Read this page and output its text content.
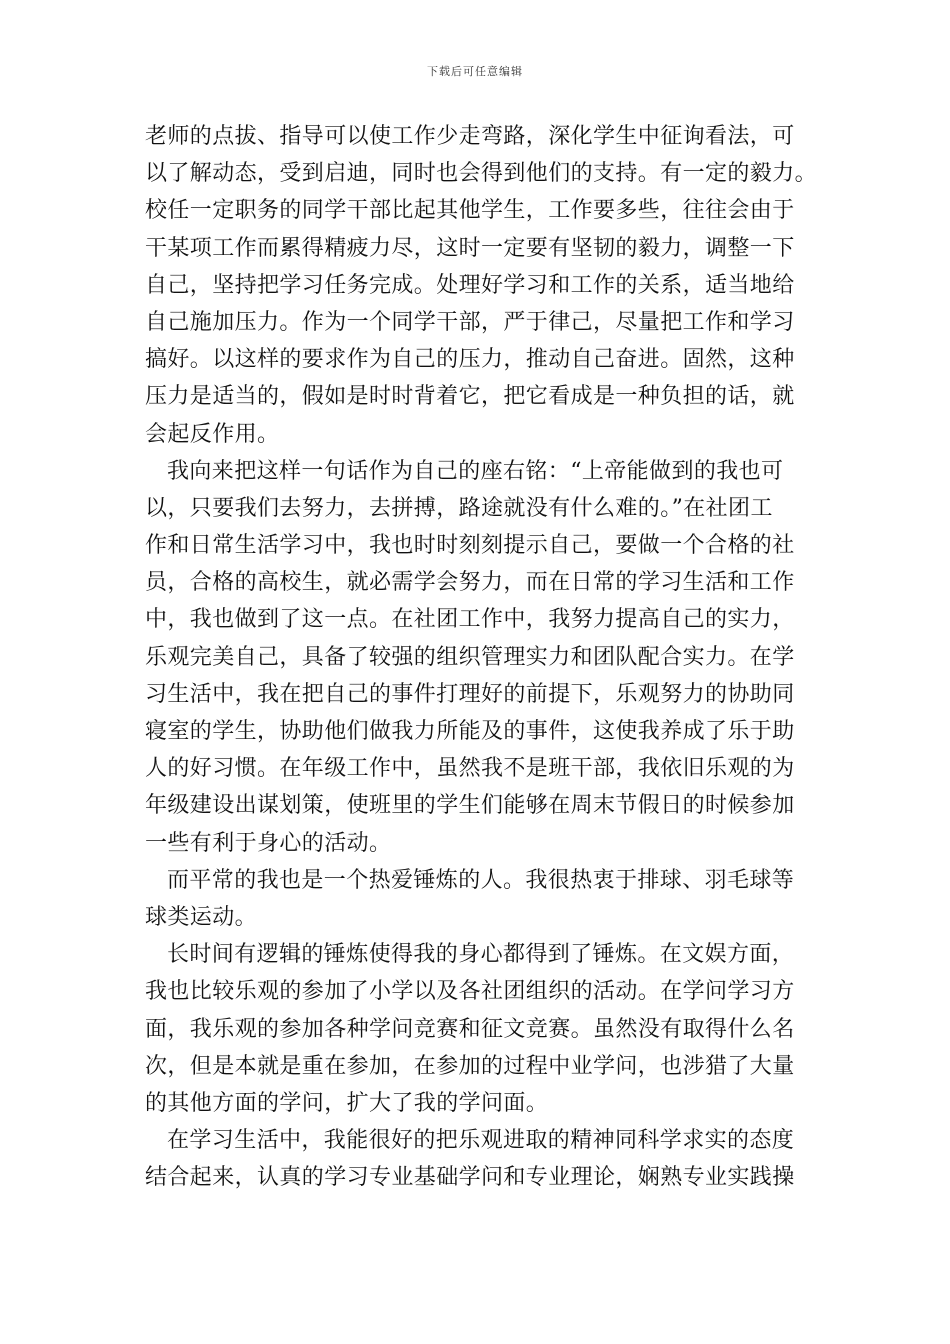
下载后可任意编辑
老师的点拔、指导可以使工作少走弯路，深化学生中征询看法，可
以了解动态，受到启迪，同时也会得到他们的支持。有一定的毅力。
校任一定职务的同学干部比起其他学生，工作要多些，往往会由于
干某项工作而累得精疲力尽，这时一定要有坚韧的毅力，调整一下
自己，坚持把学习任务完成。处理好学习和工作的关系，适当地给
自己施加压力。作为一个同学干部，严于律己，尽量把工作和学习
搞好。以这样的要求作为自己的压力，推动自己奋进。固然，这种
压力是适当的，假如是时时背着它，把它看成是一种负担的话，就
会起反作用。
我向来把这样一句话作为自己的座右铭：“上帝能做到的我也可
以，只要我们去努力，去拼搏，路途就没有什么难的。”在社团工
作和日常生活学习中，我也时时刻刻提示自己，要做一个合格的社
员，合格的高校生，就必需学会努力，而在日常的学习生活和工作
中，我也做到了这一点。在社团工作中，我努力提高自己的实力，
乐观完美自己，具备了较强的组织管理实力和团队配合实力。在学
习生活中，我在把自己的事件打理好的前提下，乐观努力的协助同
寝室的学生，协助他们做我力所能及的事件，这使我养成了乐于助
人的好习惯。在年级工作中，虽然我不是班干部，我依旧乐观的为
年级建设出谋划策，使班里的学生们能够在周末节假日的时候参加
一些有利于身心的活动。
而平常的我也是一个热爱锤炼的人。我很热衷于排球、羽毛球等
球类运动。
长时间有逻辑的锤炼使得我的身心都得到了锤炼。在文娱方面，
我也比较乐观的参加了小学以及各社团组织的活动。在学问学习方
面，我乐观的参加各种学问竞赛和征文竞赛。虽然没有取得什么名
次，但是本就是重在参加，在参加的过程中业学问，也涉猎了大量
的其他方面的学问，扩大了我的学问面。
在学习生活中，我能很好的把乐观进取的精神同科学求实的态度
结合起来，认真的学习专业基础学问和专业理论，娴熟专业实践操
